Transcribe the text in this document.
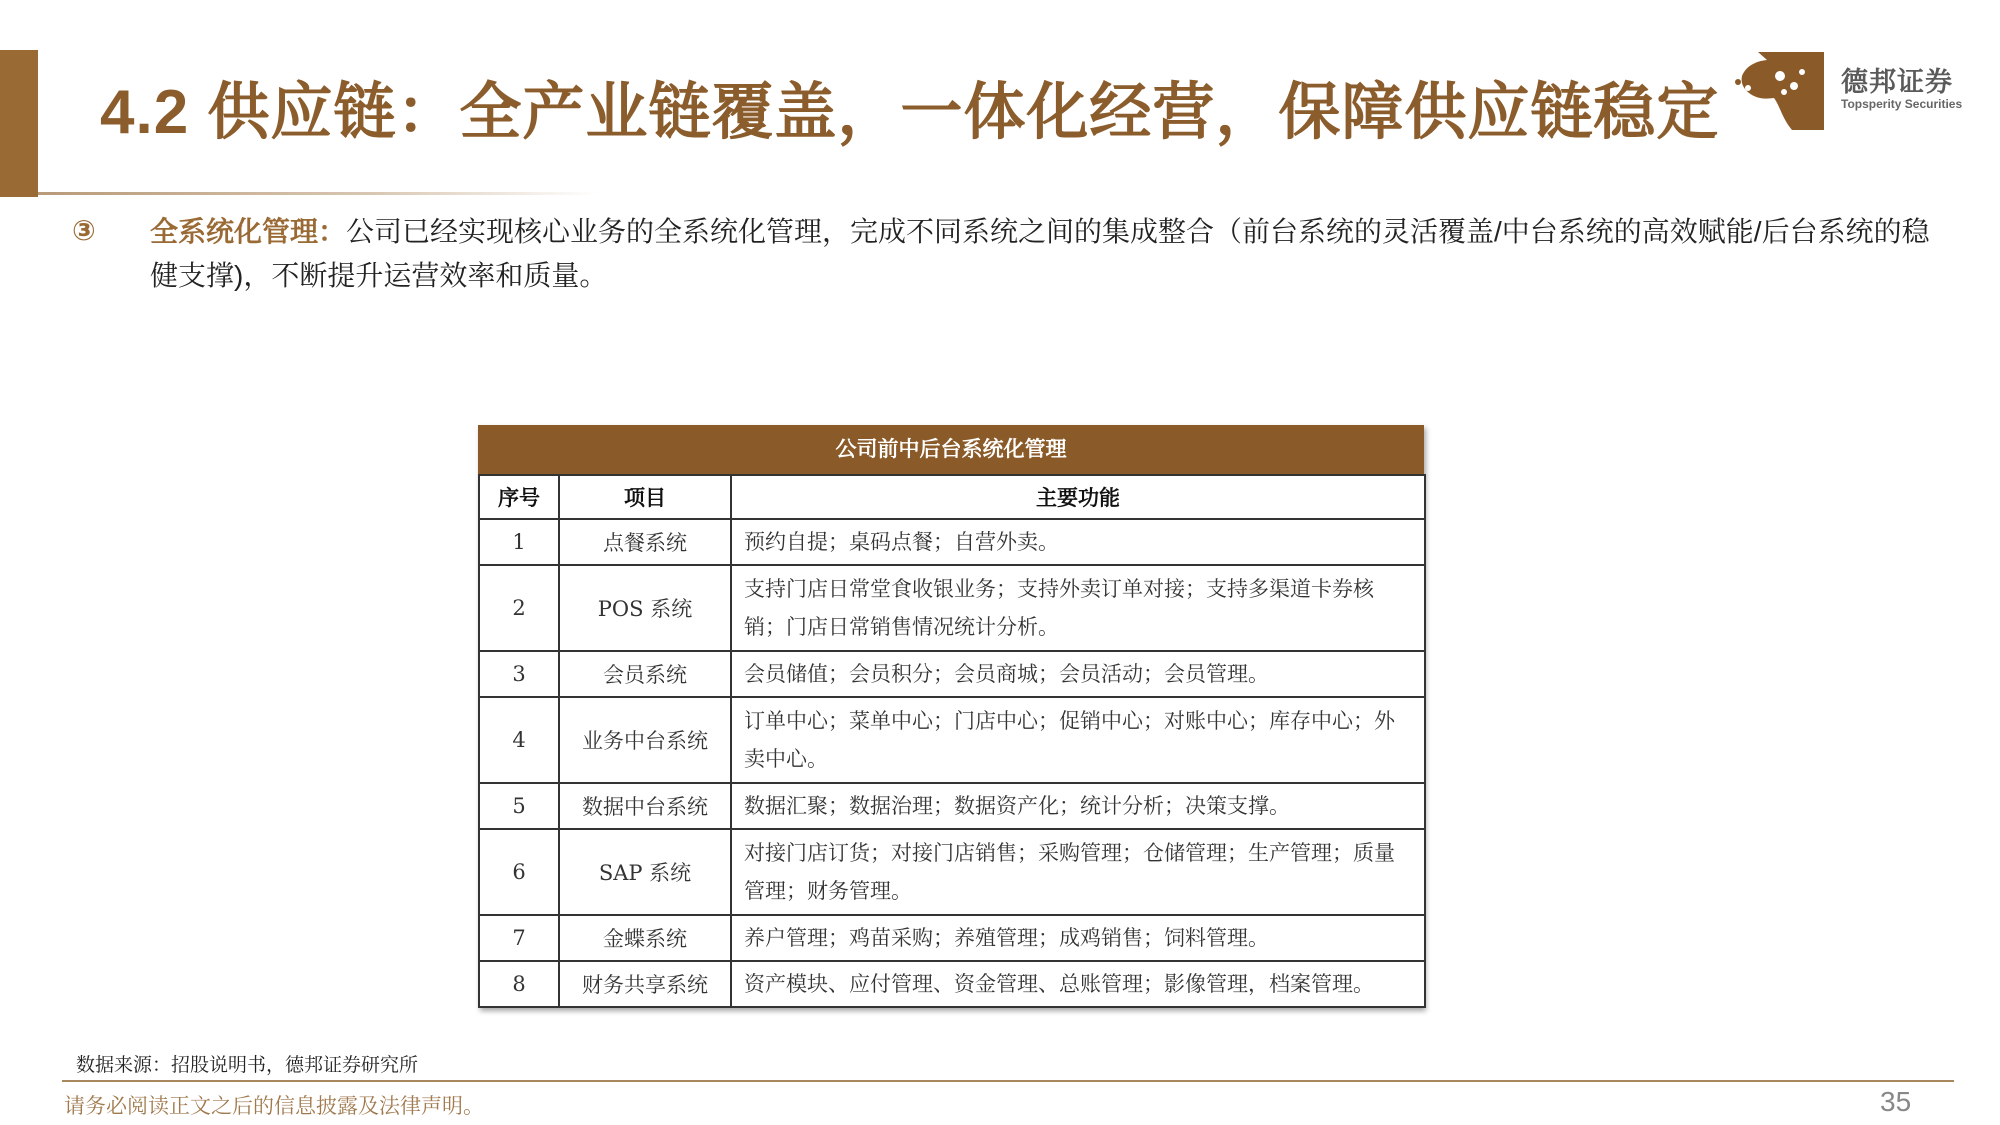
4.2 供应链：全产业链覆盖，一体化经营，保障供应链稳定	德邦证券
Topsperity Securities
③ 全系统化管理：公司已经实现核心业务的全系统化管理，完成不同系统之间的集成整合（前台系统的灵活覆盖/中台系统的高效赋能/后台系统的稳健支撑)，不断提升运营效率和质量。

公司前中后台系统化管理
序号	项目	主要功能
1	点餐系统	预约自提；桌码点餐；自营外卖。
2	POS 系统	支持门店日常堂食收银业务；支持外卖订单对接；支持多渠道卡券核销；门店日常销售情况统计分析。
3	会员系统	会员储值；会员积分；会员商城；会员活动；会员管理。
4	业务中台系统	订单中心；菜单中心；门店中心；促销中心；对账中心；库存中心；外卖中心。
5	数据中台系统	数据汇聚；数据治理；数据资产化；统计分析；决策支撑。
6	SAP 系统	对接门店订货；对接门店销售；采购管理；仓储管理；生产管理；质量管理；财务管理。
7	金蝶系统	养户管理；鸡苗采购；养殖管理；成鸡销售；饲料管理。
8	财务共享系统	资产模块、应付管理、资金管理、总账管理；影像管理，档案管理。
数据来源：招股说明书，德邦证券研究所
请务必阅读正文之后的信息披露及法律声明。	35
